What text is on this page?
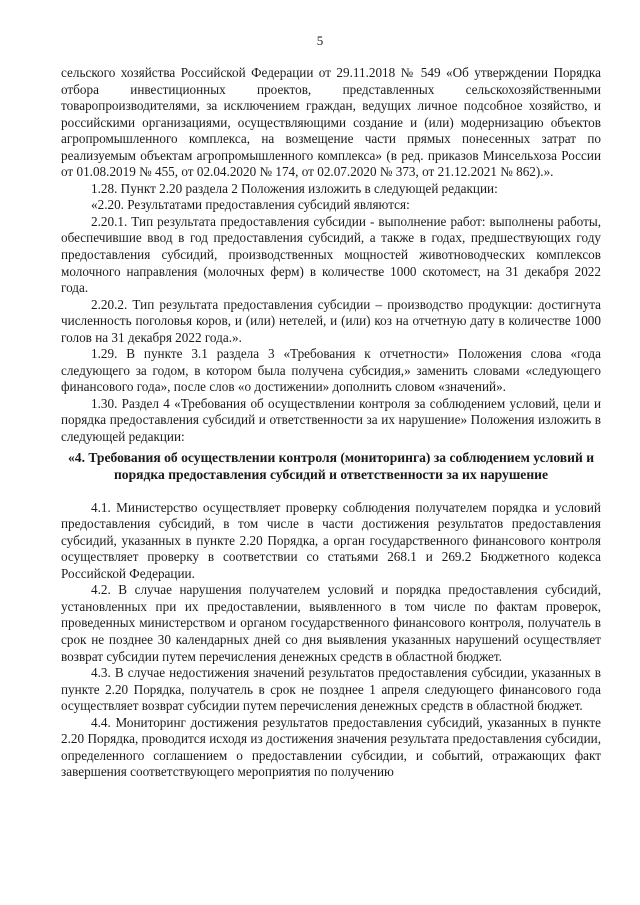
5

сельского хозяйства Российской Федерации от 29.11.2018 № 549 «Об утверждении Порядка отбора инвестиционных проектов, представленных сельскохозяйственными товаропроизводителями, за исключением граждан, ведущих личное подсобное хозяйство, и российскими организациями, осуществляющими создание и (или) модернизацию объектов агропромышленного комплекса, на возмещение части прямых понесенных затрат по реализуемым объектам агропромышленного комплекса» (в ред. приказов Минсельхоза России от 01.08.2019 № 455, от 02.04.2020 № 174, от 02.07.2020 № 373, от 21.12.2021 № 862).».

1.28. Пункт 2.20 раздела 2 Положения изложить в следующей редакции:

«2.20. Результатами предоставления субсидий являются:

2.20.1. Тип результата предоставления субсидии - выполнение работ: выполнены работы, обеспечившие ввод в год предоставления субсидий, а также в годах, предшествующих году предоставления субсидий, производственных мощностей животноводческих комплексов молочного направления (молочных ферм) в количестве 1000 скотомест, на 31 декабря 2022 года.

2.20.2. Тип результата предоставления субсидии – производство продукции: достигнута численность поголовья коров, и (или) нетелей, и (или) коз на отчетную дату в количестве 1000 голов на 31 декабря 2022 года.».

1.29. В пункте 3.1 раздела 3 «Требования к отчетности» Положения слова «года следующего за годом, в котором была получена субсидия,» заменить словами «следующего финансового года», после слов «о достижении» дополнить словом «значений».

1.30. Раздел 4 «Требования об осуществлении контроля за соблюдением условий, цели и порядка предоставления субсидий и ответственности за их нарушение» Положения изложить в следующей редакции:

«4. Требования об осуществлении контроля (мониторинга) за соблюдением условий и порядка предоставления субсидий и ответственности за их нарушение

4.1. Министерство осуществляет проверку соблюдения получателем порядка и условий предоставления субсидий, в том числе в части достижения результатов предоставления субсидий, указанных в пункте 2.20 Порядка, а орган государственного финансового контроля осуществляет проверку в соответствии со статьями 268.1 и 269.2 Бюджетного кодекса Российской Федерации.

4.2. В случае нарушения получателем условий и порядка предоставления субсидий, установленных при их предоставлении, выявленного в том числе по фактам проверок, проведенных министерством и органом государственного финансового контроля, получатель в срок не позднее 30 календарных дней со дня выявления указанных нарушений осуществляет возврат субсидии путем перечисления денежных средств в областной бюджет.

4.3. В случае недостижения значений результатов предоставления субсидии, указанных в пункте 2.20 Порядка, получатель в срок не позднее 1 апреля следующего финансового года осуществляет возврат субсидии путем перечисления денежных средств в областной бюджет.

4.4. Мониторинг достижения результатов предоставления субсидий, указанных в пункте 2.20 Порядка, проводится исходя из достижения значения результата предоставления субсидии, определенного соглашением о предоставлении субсидии, и событий, отражающих факт завершения соответствующего мероприятия по получению
